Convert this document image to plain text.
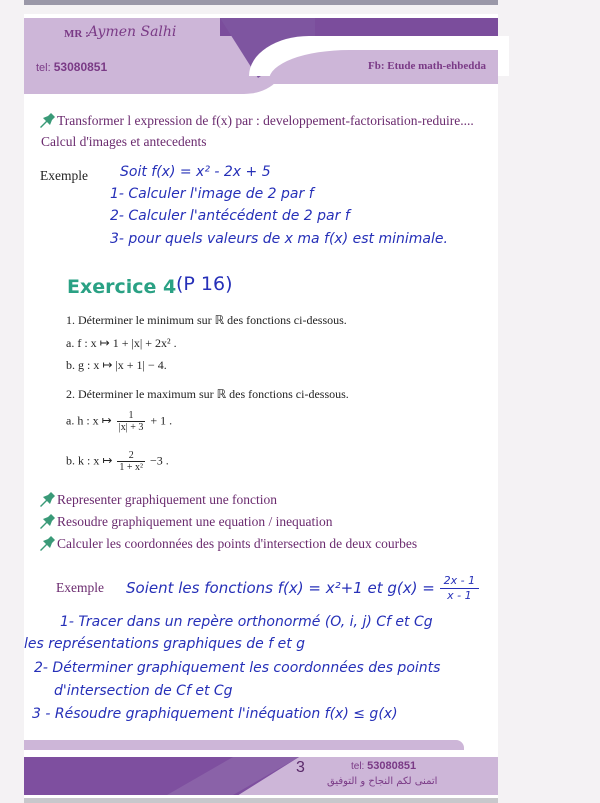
MR : Aymen Salhi
tel: 53080851	Fb: Etude math-ehbedda
Transformer l expression de f(x) par : developpement-factorisation-reduire....
Calcul d'images et antecedents
Exemple Soit f(x) = x² - 2x + 5
1- Calculer l'image de 2 par f
2- Calculer l'antécédent de 2 par f
3- pour quels valeurs de x ma f(x) est minimale.
Exercice 4 (P 16)
1. Déterminer le minimum sur ℝ des fonctions ci-dessous.
a. f : x ↦ 1 + |x| + 2x² .
b. g : x ↦ |x + 1| − 4.
2. Déterminer le maximum sur ℝ des fonctions ci-dessous.
a. h : x ↦ $\frac{1}{|x| + 3} + 1$ .
b. k : x ↦ $\frac{2}{\text{1 + x²}} -3$ .
Representer graphiquement une fonction
Resoudre graphiquement une equation / inequation
Calculer les coordonnées des points d'intersection de deux courbes
Exemple Soient les fonctions f(x) = x²+1 et $g(x) = \frac{2x - 1}{x - 1}$
1- Tracer dans un repère orthonormé (O, i, j) Cf et Cg
les représentations graphiques de f et g
2- Déterminer graphiquement les coordonnées des points
d'intersection de Cf et Cg
3 - Résoudre graphiquement l'inéquation f(x) ≤ g(x)
3	tel: 53080851
اتمنى لكم النجاح و التوفيق
